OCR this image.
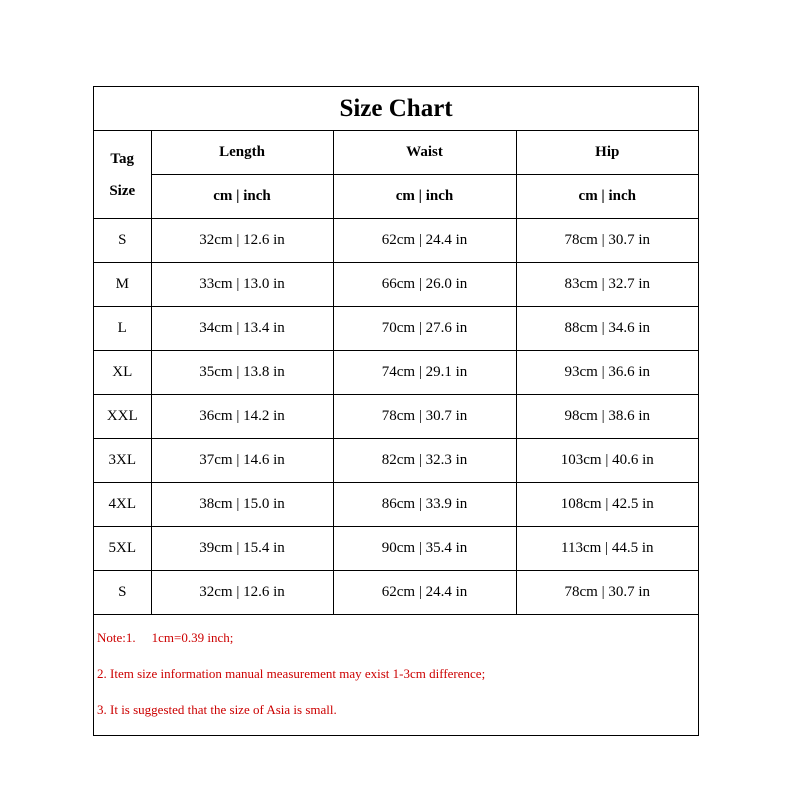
Size Chart			

Tag
Size	Length	Waist	Hip
	cm | inch	cm | inch	cm | inch
S	32cm | 12.6 in	62cm | 24.4 in	78cm | 30.7 in
M	33cm | 13.0 in	66cm | 26.0 in	83cm | 32.7 in
L	34cm | 13.4 in	70cm | 27.6 in	88cm | 34.6 in
XL	35cm | 13.8 in	74cm | 29.1 in	93cm | 36.6 in
XXL	36cm | 14.2 in	78cm | 30.7 in	98cm | 38.6 in
3XL	37cm | 14.6 in	82cm | 32.3 in	103cm | 40.6 in
4XL	38cm | 15.0 in	86cm | 33.9 in	108cm | 42.5 in
5XL	39cm | 15.4 in	90cm | 35.4 in	113cm | 44.5 in
S	32cm | 12.6 in	62cm | 24.4 in	78cm | 30.7 in
Note:1. 1cm=0.39 inch;
2. Item size information manual measurement may exist 1-3cm difference;
3. It is suggested that the size of Asia is small.
